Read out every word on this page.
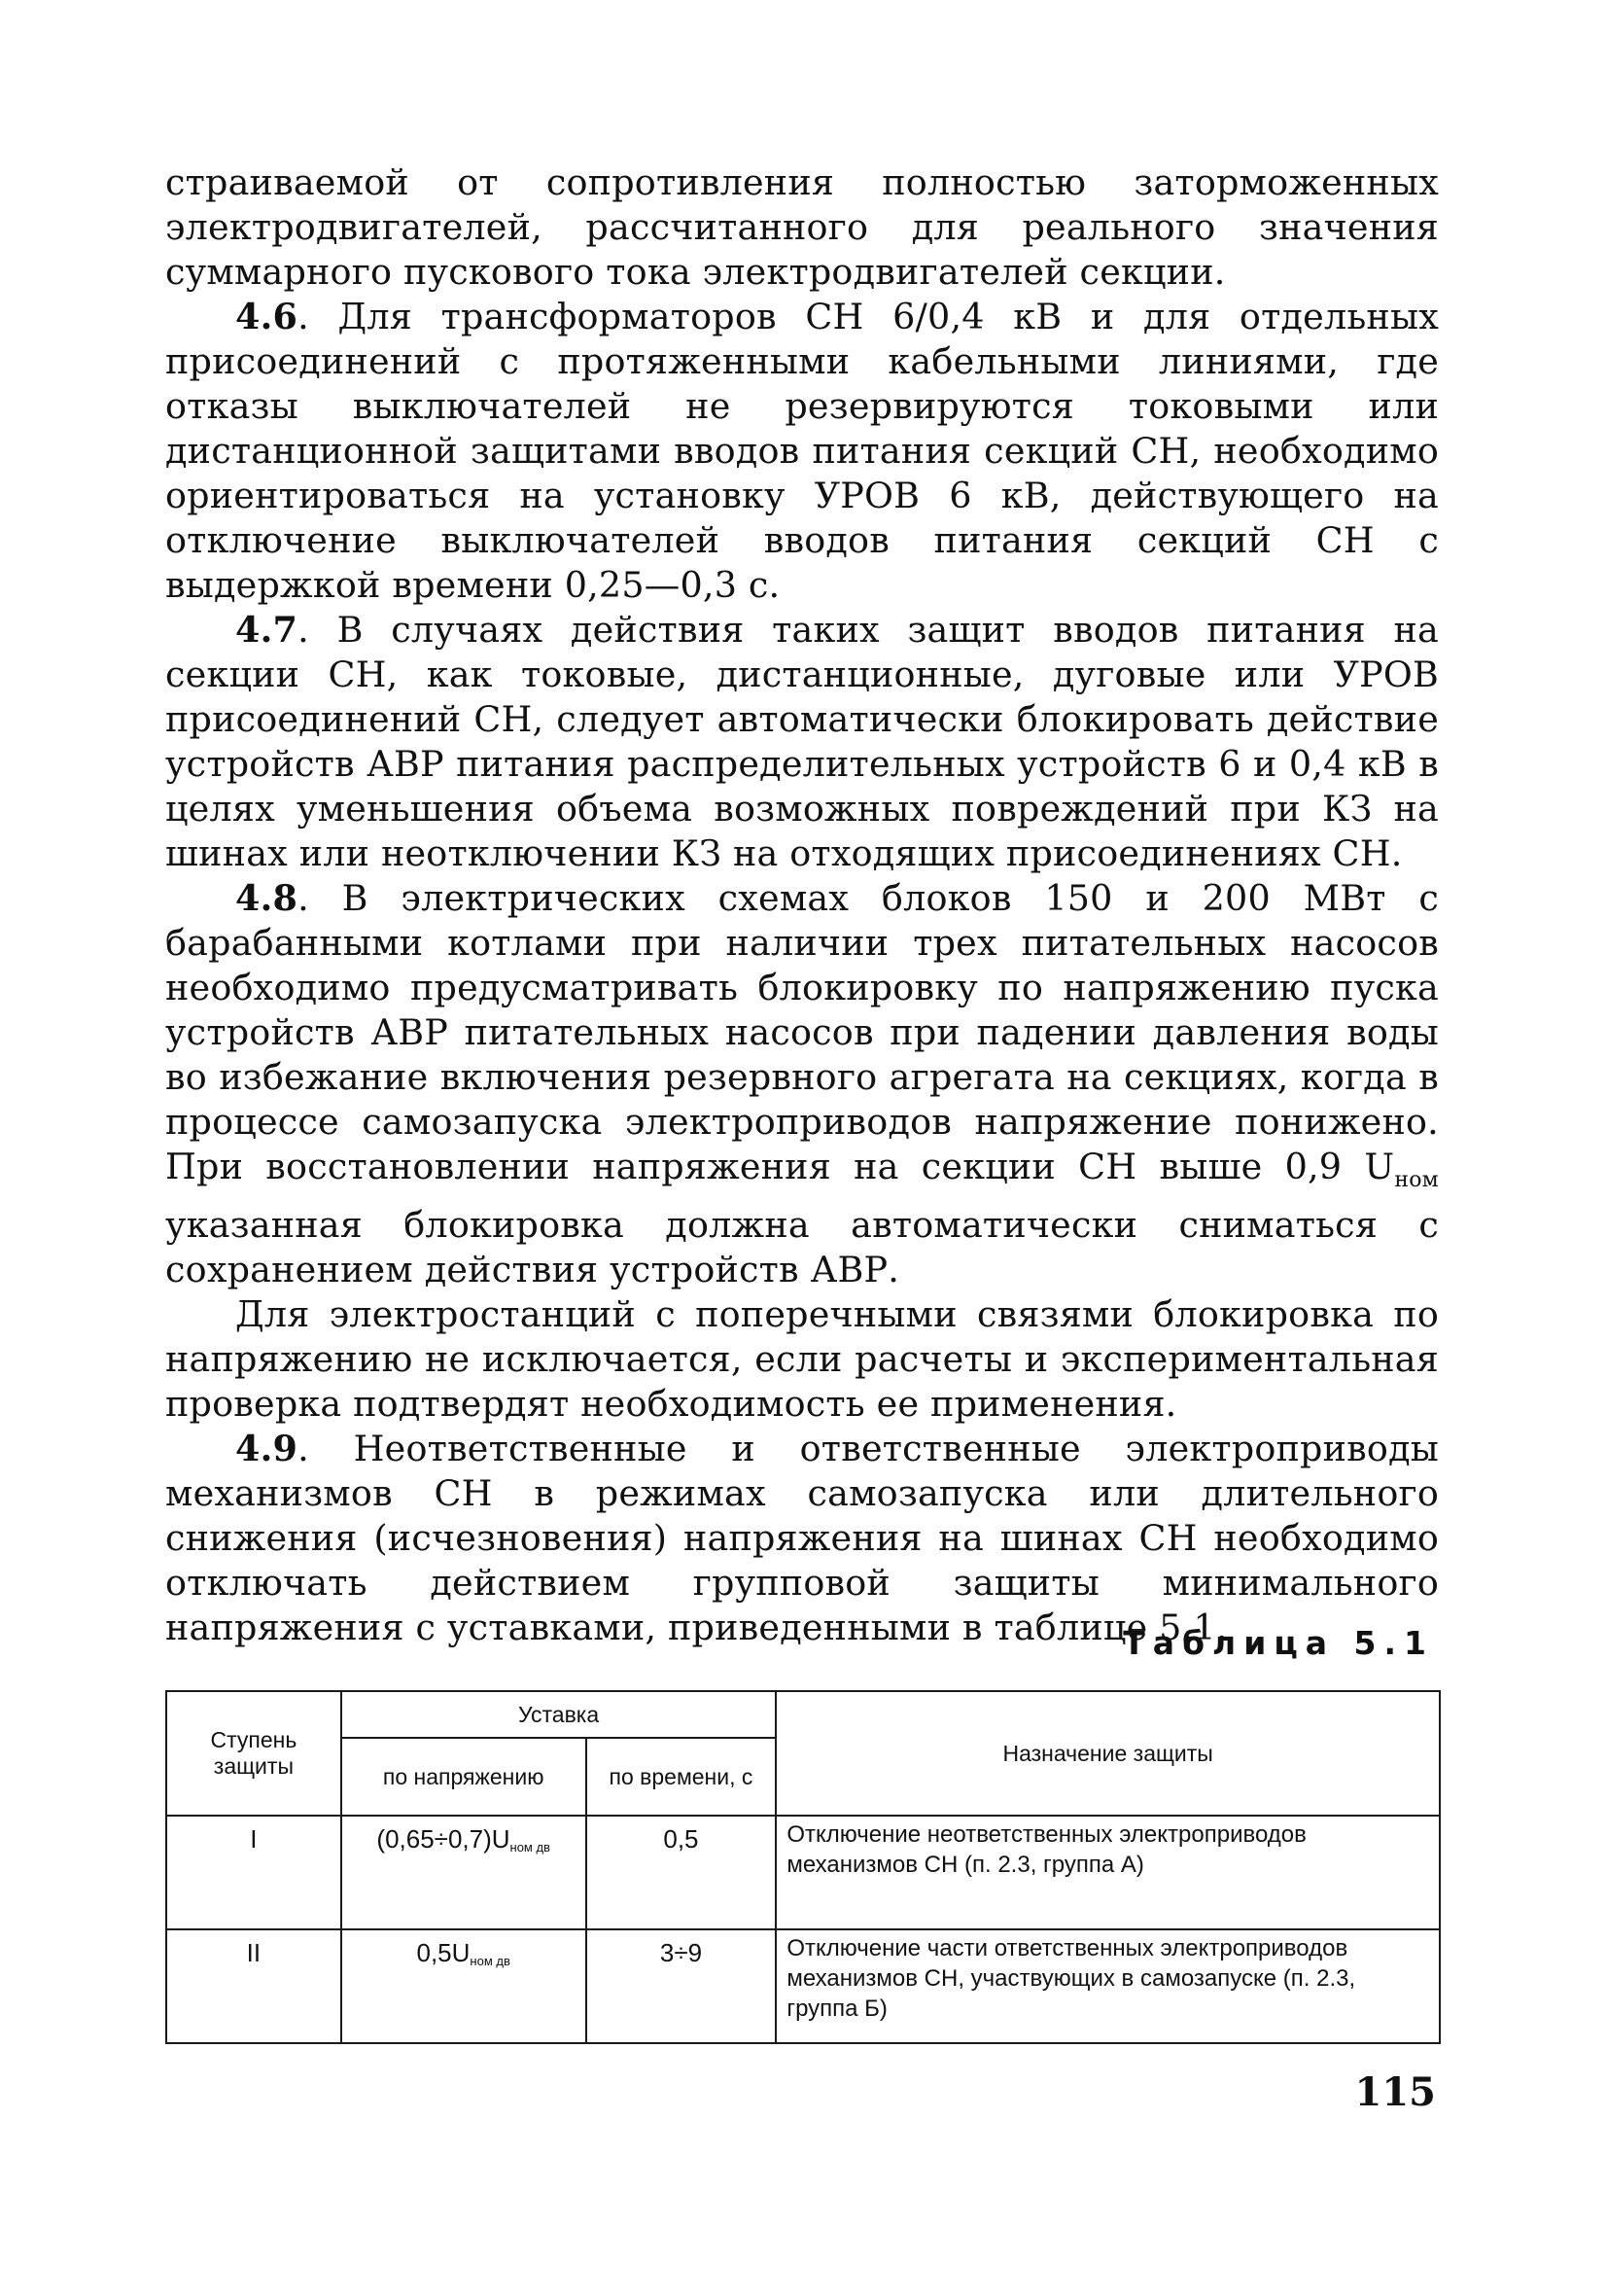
страиваемой от сопротивления полностью заторможенных электродвигателей, рассчитанного для реального значения суммарного пускового тока электродвигателей секции.

4.6. Для трансформаторов СН 6/0,4 кВ и для отдельных присоединений с протяженными кабельными линиями, где отказы выключателей не резервируются токовыми или дистанционной защитами вводов питания секций СН, необходимо ориентироваться на установку УРОВ 6 кВ, действующего на отключение выключателей вводов питания секций СН с выдержкой времени 0,25—0,3 с.

4.7. В случаях действия таких защит вводов питания на секции СН, как токовые, дистанционные, дуговые или УРОВ присоединений СН, следует автоматически блокировать действие устройств АВР питания распределительных устройств 6 и 0,4 кВ в целях уменьшения объема возможных повреждений при КЗ на шинах или неотключении КЗ на отходящих присоединениях СН.

4.8. В электрических схемах блоков 150 и 200 МВт с барабанными котлами при наличии трех питательных насосов необходимо предусматривать блокировку по напряжению пуска устройств АВР питательных насосов при падении давления воды во избежание включения резервного агрегата на секциях, когда в процессе самозапуска электроприводов напряжение понижено. При восстановлении напряжения на секции СН выше 0,9 $U_{ном}$ указанная блокировка должна автоматически сниматься с сохранением действия устройств АВР.

Для электростанций с поперечными связями блокировка по напряжению не исключается, если расчеты и экспериментальная проверка подтвердят необходимость ее применения.

4.9. Неответственные и ответственные электроприводы механизмов СН в режимах самозапуска или длительного снижения (исчезновения) напряжения на шинах СН необходимо отключать действием групповой защиты минимального напряжения с уставками, приведенными в таблице 5.1.

Таблица 5.1
Ступень защиты	Уставка		Назначение защиты
	по напряжению	по времени, с	
I	(0,65÷0,7)Uном дв	0,5	Отключение неответственных электроприводов механизмов СН (п. 2.3, группа А)
II	0,5Uном дв	3÷9	Отключение части ответственных электроприводов механизмов СН, участвующих в самозапуске (п. 2.3, группа Б)
115
